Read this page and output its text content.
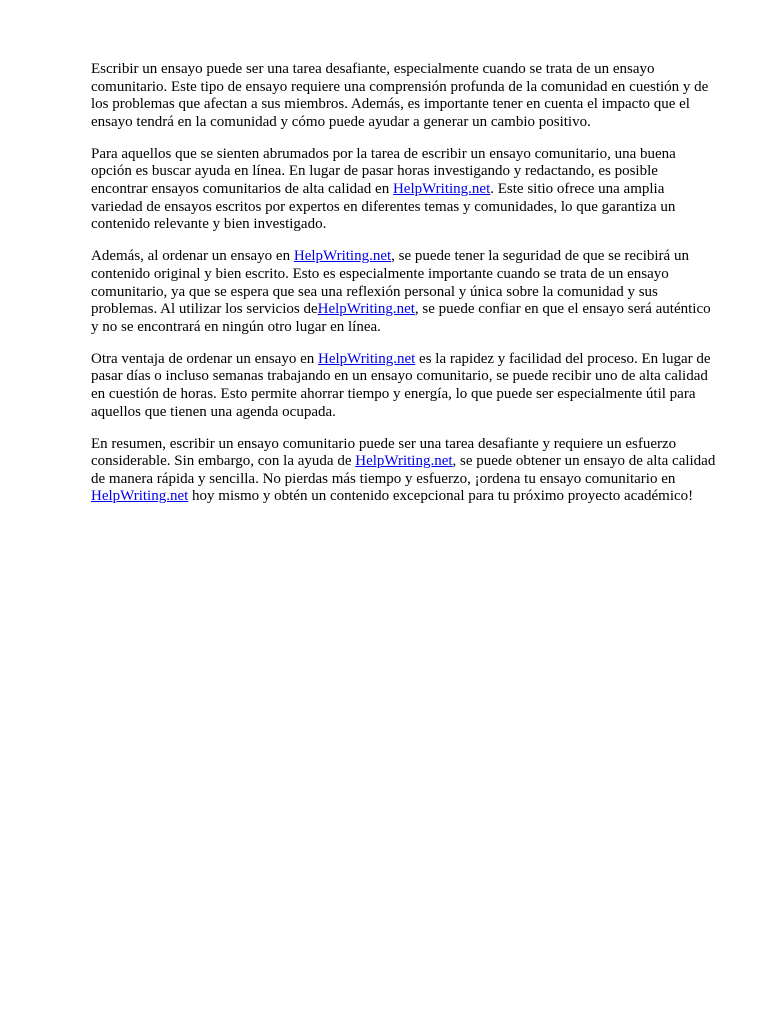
Escribir un ensayo puede ser una tarea desafiante, especialmente cuando se trata de un ensayo comunitario. Este tipo de ensayo requiere una comprensión profunda de la comunidad en cuestión y de los problemas que afectan a sus miembros. Además, es importante tener en cuenta el impacto que el ensayo tendrá en la comunidad y cómo puede ayudar a generar un cambio positivo.

Para aquellos que se sienten abrumados por la tarea de escribir un ensayo comunitario, una buena opción es buscar ayuda en línea. En lugar de pasar horas investigando y redactando, es posible encontrar ensayos comunitarios de alta calidad en HelpWriting.net. Este sitio ofrece una amplia variedad de ensayos escritos por expertos en diferentes temas y comunidades, lo que garantiza un contenido relevante y bien investigado.

Además, al ordenar un ensayo en HelpWriting.net, se puede tener la seguridad de que se recibirá un contenido original y bien escrito. Esto es especialmente importante cuando se trata de un ensayo comunitario, ya que se espera que sea una reflexión personal y única sobre la comunidad y sus problemas. Al utilizar los servicios deHelpWriting.net, se puede confiar en que el ensayo será auténtico y no se encontrará en ningún otro lugar en línea.

Otra ventaja de ordenar un ensayo en HelpWriting.net es la rapidez y facilidad del proceso. En lugar de pasar días o incluso semanas trabajando en un ensayo comunitario, se puede recibir uno de alta calidad en cuestión de horas. Esto permite ahorrar tiempo y energía, lo que puede ser especialmente útil para aquellos que tienen una agenda ocupada.

En resumen, escribir un ensayo comunitario puede ser una tarea desafiante y requiere un esfuerzo considerable. Sin embargo, con la ayuda de HelpWriting.net, se puede obtener un ensayo de alta calidad de manera rápida y sencilla. No pierdas más tiempo y esfuerzo, ¡ordena tu ensayo comunitario en HelpWriting.net hoy mismo y obtén un contenido excepcional para tu próximo proyecto académico!
